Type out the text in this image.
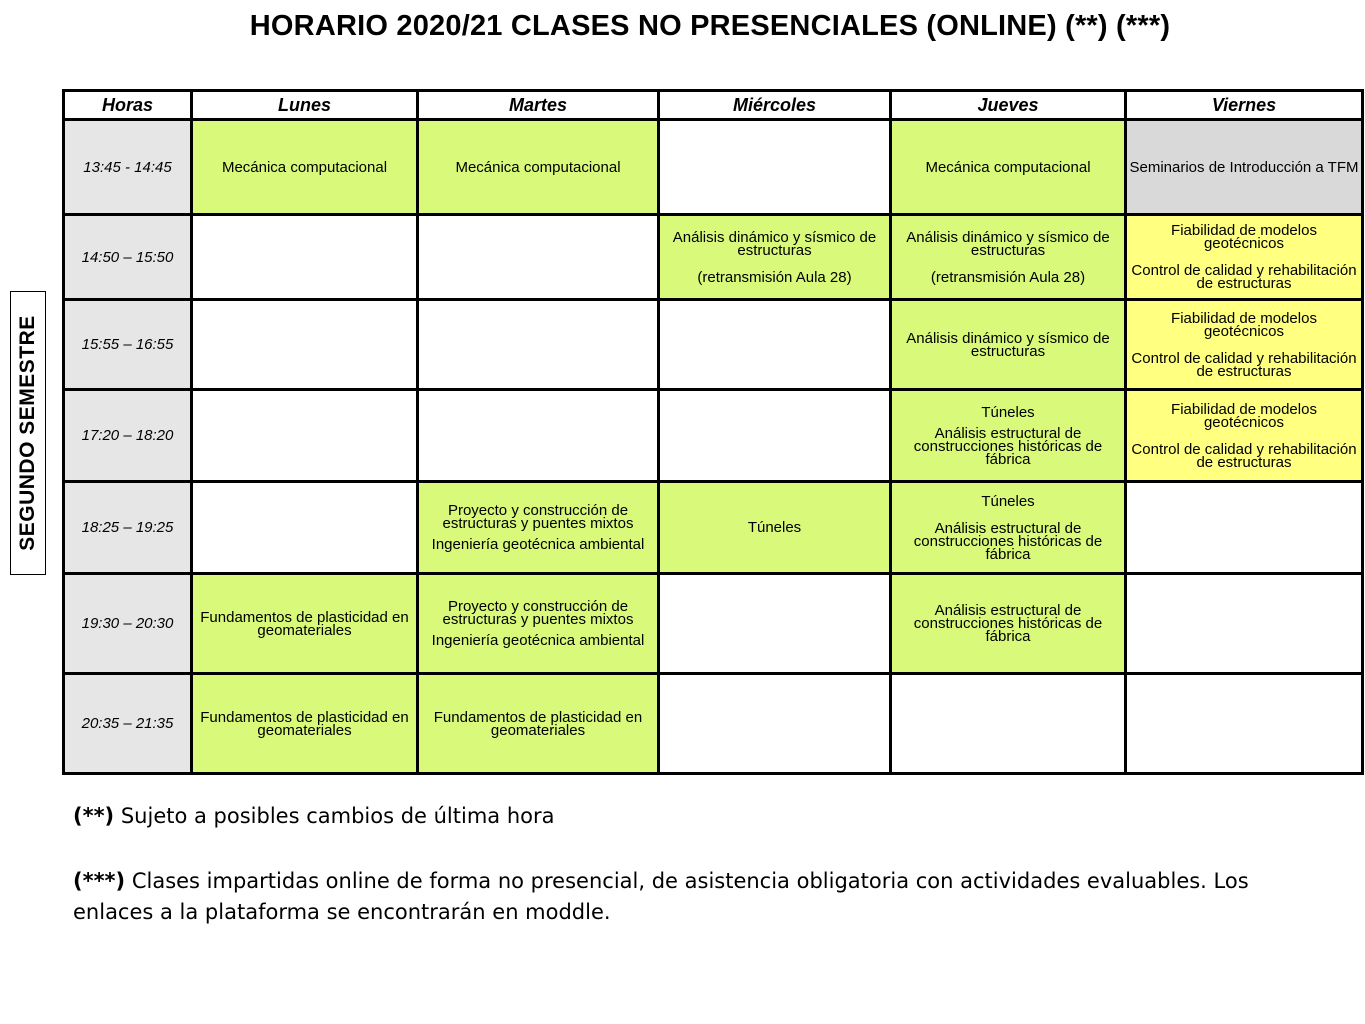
HORARIO 2020/21 CLASES NO PRESENCIALES (ONLINE) (**) (***)
SEGUNDO SEMESTRE
Horas	Lunes	Martes	Miércoles	Jueves	Viernes
13:45 - 14:45	Mecánica computacional	Mecánica computacional		Mecánica computacional	Seminarios de Introducción a TFM

14:50 – 15:50			Análisis dinámico y sísmico de estructuras
(retransmisión Aula 28)	Análisis dinámico y sísmico de estructuras
(retransmisión Aula 28)	Fiabilidad de modelos geotécnicos
Control de calidad y rehabilitación de estructuras

15:55 – 16:55				Análisis dinámico y sísmico de estructuras	Fiabilidad de modelos geotécnicos
Control de calidad y rehabilitación de estructuras

17:20 – 18:20				Túneles
Análisis estructural de construcciones históricas de fábrica	Fiabilidad de modelos geotécnicos
Control de calidad y rehabilitación de estructuras

18:25 – 19:25		Proyecto y construcción de estructuras y puentes mixtos
Ingeniería geotécnica ambiental	Túneles	Túneles
Análisis estructural de construcciones históricas de fábrica	

19:30 – 20:30	Fundamentos de plasticidad en geomateriales	Proyecto y construcción de estructuras y puentes mixtos
Ingeniería geotécnica ambiental		Análisis estructural de construcciones históricas de fábrica	

20:35 – 21:35	Fundamentos de plasticidad en geomateriales	Fundamentos de plasticidad en geomateriales			

(**) Sujeto a posibles cambios de última hora
(***) Clases impartidas online de forma no presencial, de asistencia obligatoria con actividades evaluables. Los enlaces a la plataforma se encontrarán en moddle.
